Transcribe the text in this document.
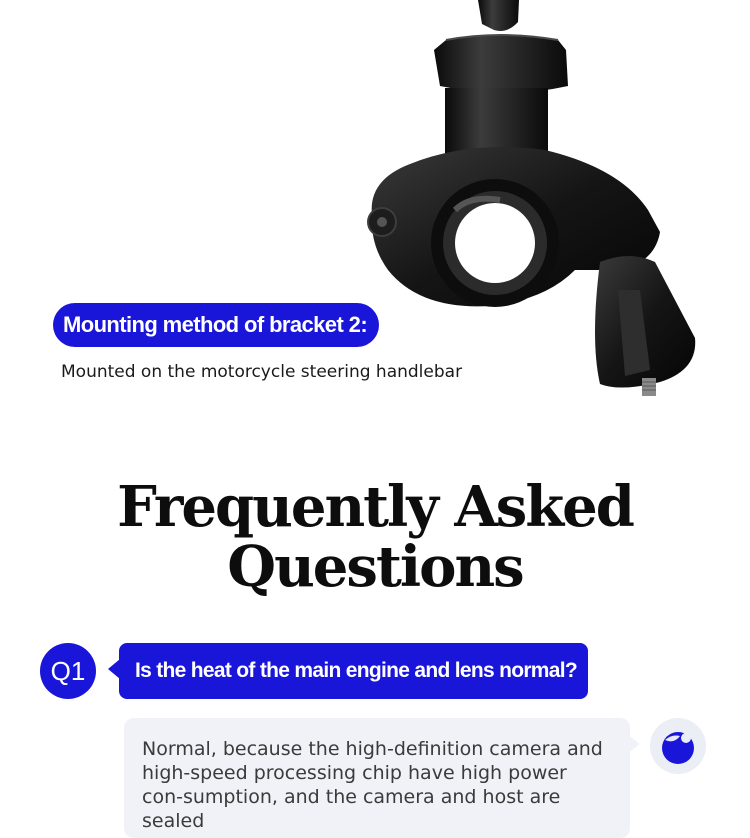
Mounting method of bracket 2:
Mounted on the motorcycle steering handlebar
Frequently Asked
Questions
Q1	Is the heat of the main engine and lens normal?
Normal, because the high-definition camera and high-speed processing chip have high power con-sumption, and the camera and host are sealed
